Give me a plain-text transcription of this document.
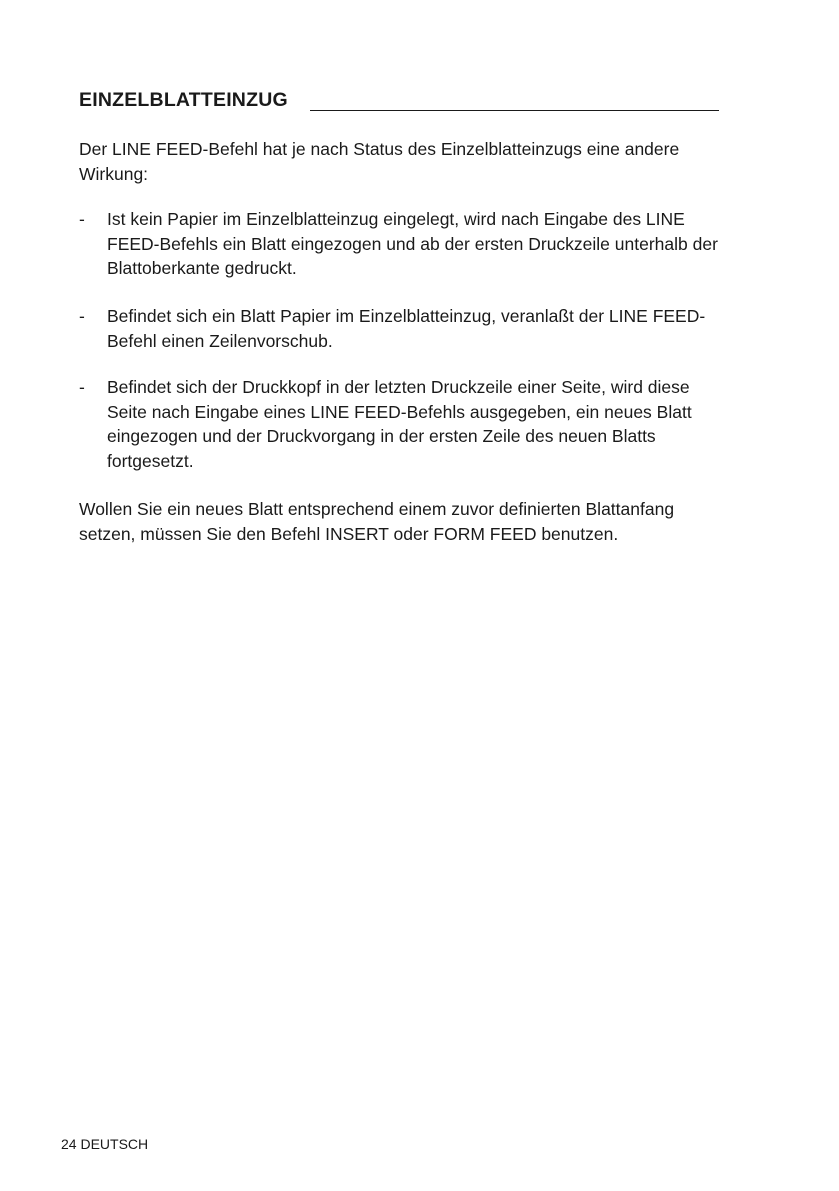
EINZELBLATTEINZUG

Der LINE FEED-Befehl hat je nach Status des Einzelblatteinzugs eine andere Wirkung:

- Ist kein Papier im Einzelblatteinzug eingelegt, wird nach Eingabe des LINE FEED-Befehls ein Blatt eingezogen und ab der ersten Druckzeile unterhalb der Blattoberkante gedruckt.
- Befindet sich ein Blatt Papier im Einzelblatteinzug, veranlaßt der LINE FEED-Befehl einen Zeilenvorschub.
- Befindet sich der Druckkopf in der letzten Druckzeile einer Seite, wird diese Seite nach Eingabe eines LINE FEED-Befehls ausgegeben, ein neues Blatt eingezogen und der Druckvorgang in der ersten Zeile des neuen Blatts fortgesetzt.

Wollen Sie ein neues Blatt entsprechend einem zuvor definierten Blattanfang setzen, müssen Sie den Befehl INSERT oder FORM FEED benutzen.

24 DEUTSCH
